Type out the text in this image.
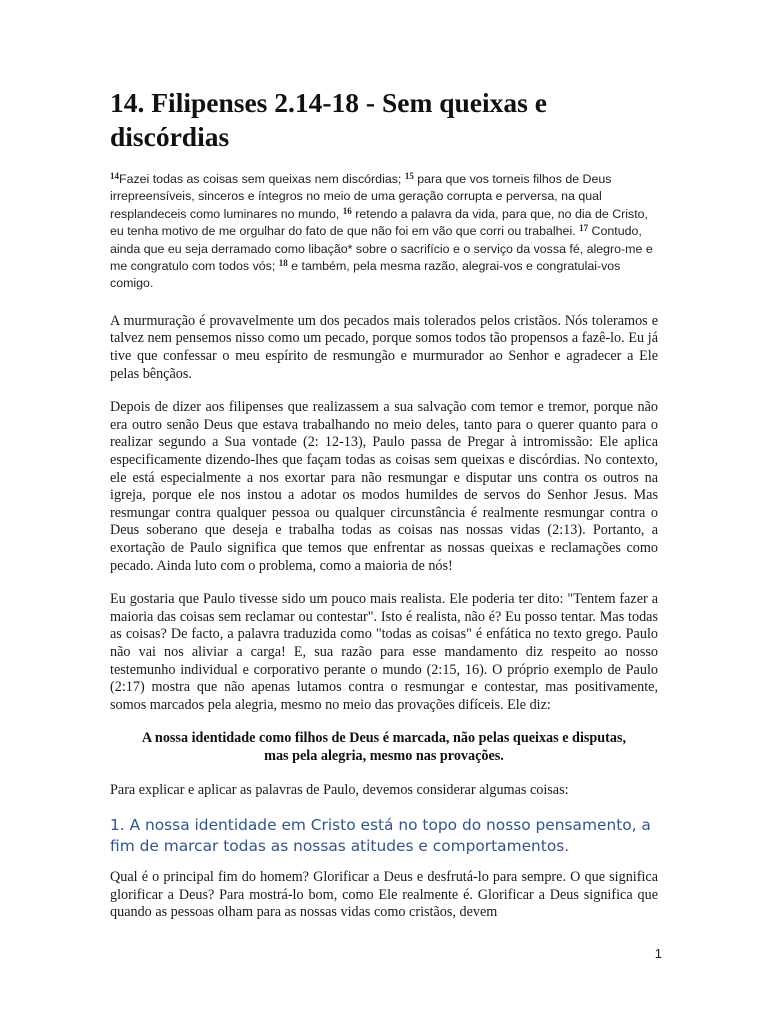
14. Filipenses 2.14-18 - Sem queixas e discórdias
$^{14}$Fazei todas as coisas sem queixas nem discórdias; $^{15}$ para que vos torneis filhos de Deus irrepreensíveis, sinceros e íntegros no meio de uma geração corrupta e perversa, na qual resplandeceis como luminares no mundo, $^{16}$ retendo a palavra da vida, para que, no dia de Cristo, eu tenha motivo de me orgulhar do fato de que não foi em vão que corri ou trabalhei. $^{17}$ Contudo, ainda que eu seja derramado como libação* sobre o sacrifício e o serviço da vossa fé, alegro-me e me congratulo com todos vós; $^{18}$ e também, pela mesma razão, alegrai-vos e congratulai-vos comigo.

A murmuração é provavelmente um dos pecados mais tolerados pelos cristãos. Nós toleramos e talvez nem pensemos nisso como um pecado, porque somos todos tão propensos a fazê-lo. Eu já tive que confessar o meu espírito de resmungão e murmurador ao Senhor e agradecer a Ele pelas bênçãos.

Depois de dizer aos filipenses que realizassem a sua salvação com temor e tremor, porque não era outro senão Deus que estava trabalhando no meio deles, tanto para o querer quanto para o realizar segundo a Sua vontade (2: 12-13), Paulo passa de Pregar à intromissão: Ele aplica especificamente dizendo-lhes que façam todas as coisas sem queixas e discórdias. No contexto, ele está especialmente a nos exortar para não resmungar e disputar uns contra os outros na igreja, porque ele nos instou a adotar os modos humildes de servos do Senhor Jesus. Mas resmungar contra qualquer pessoa ou qualquer circunstância é realmente resmungar contra o Deus soberano que deseja e trabalha todas as coisas nas nossas vidas (2:13). Portanto, a exortação de Paulo significa que temos que enfrentar as nossas queixas e reclamações como pecado. Ainda luto com o problema, como a maioria de nós!

Eu gostaria que Paulo tivesse sido um pouco mais realista. Ele poderia ter dito: "Tentem fazer a maioria das coisas sem reclamar ou contestar". Isto é realista, não é? Eu posso tentar. Mas todas as coisas? De facto, a palavra traduzida como "todas as coisas" é enfática no texto grego. Paulo não vai nos aliviar a carga! E, sua razão para esse mandamento diz respeito ao nosso testemunho individual e corporativo perante o mundo (2:15, 16). O próprio exemplo de Paulo (2:17) mostra que não apenas lutamos contra o resmungar e contestar, mas positivamente, somos marcados pela alegria, mesmo no meio das provações difíceis. Ele diz:

A nossa identidade como filhos de Deus é marcada, não pelas queixas e disputas,
mas pela alegria, mesmo nas provações.

Para explicar e aplicar as palavras de Paulo, devemos considerar algumas coisas:

1. A nossa identidade em Cristo está no topo do nosso pensamento, a fim de marcar todas as nossas atitudes e comportamentos.

Qual é o principal fim do homem? Glorificar a Deus e desfrutá-lo para sempre. O que significa glorificar a Deus? Para mostrá-lo bom, como Ele realmente é. Glorificar a Deus significa que quando as pessoas olham para as nossas vidas como cristãos, devem

1
